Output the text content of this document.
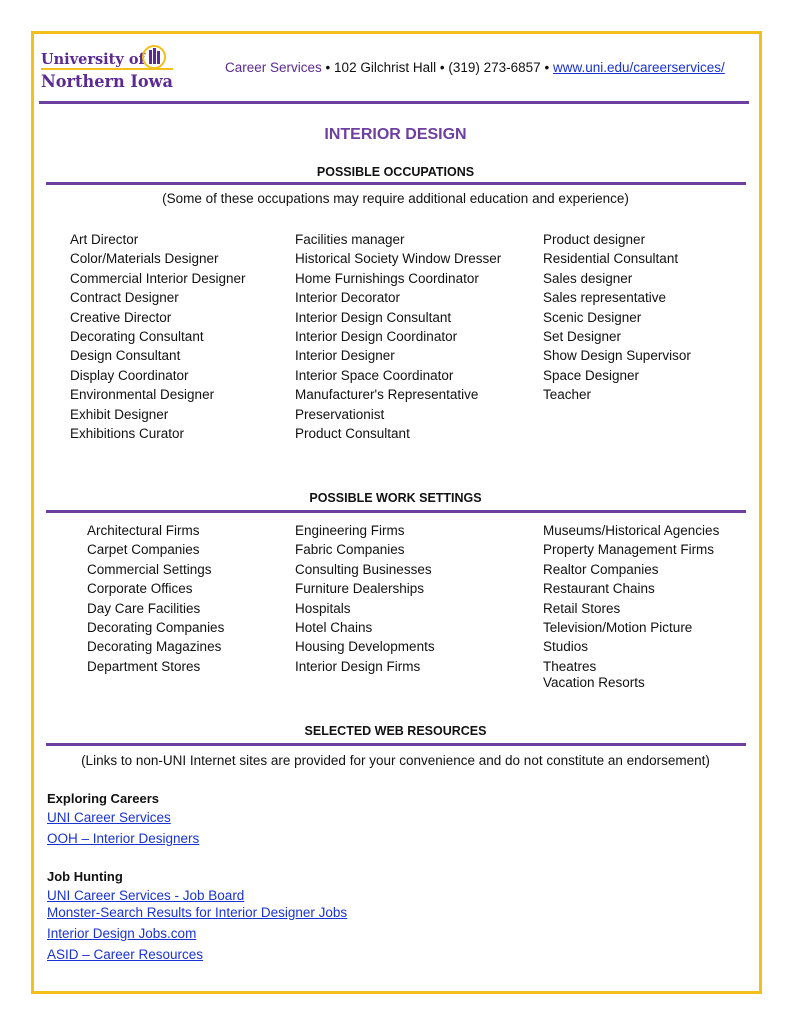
University of
Northern Iowa
Career Services • 102 Gilchrist Hall • (319) 273-6857 • www.uni.edu/careerservices/
INTERIOR DESIGN
POSSIBLE OCCUPATIONS
(Some of these occupations may require additional education and experience)
Art Director
Color/Materials Designer
Commercial Interior Designer
Contract Designer
Creative Director
Decorating Consultant
Design Consultant
Display Coordinator
Environmental Designer
Exhibit Designer
Exhibitions Curator
Facilities manager
Historical Society Window Dresser
Home Furnishings Coordinator
Interior Decorator
Interior Design Consultant
Interior Design Coordinator
Interior Designer
Interior Space Coordinator
Manufacturer's Representative
Preservationist
Product Consultant
Product designer
Residential Consultant
Sales designer
Sales representative
Scenic Designer
Set Designer
Show Design Supervisor
Space Designer
Teacher
POSSIBLE WORK SETTINGS
Architectural Firms
Carpet Companies
Commercial Settings
Corporate Offices
Day Care Facilities
Decorating Companies
Decorating Magazines
Department Stores
Engineering Firms
Fabric Companies
Consulting Businesses
Furniture Dealerships
Hospitals
Hotel Chains
Housing Developments
Interior Design Firms
Museums/Historical Agencies
Property Management Firms
Realtor Companies
Restaurant Chains
Retail Stores
Television/Motion Picture
Studios
Theatres
Vacation Resorts
SELECTED WEB RESOURCES
(Links to non-UNI Internet sites are provided for your convenience and do not constitute an endorsement)
Exploring Careers
UNI Career Services
OOH – Interior Designers
Job Hunting
UNI Career Services - Job Board
Monster-Search Results for Interior Designer Jobs
Interior Design Jobs.com
ASID – Career Resources
